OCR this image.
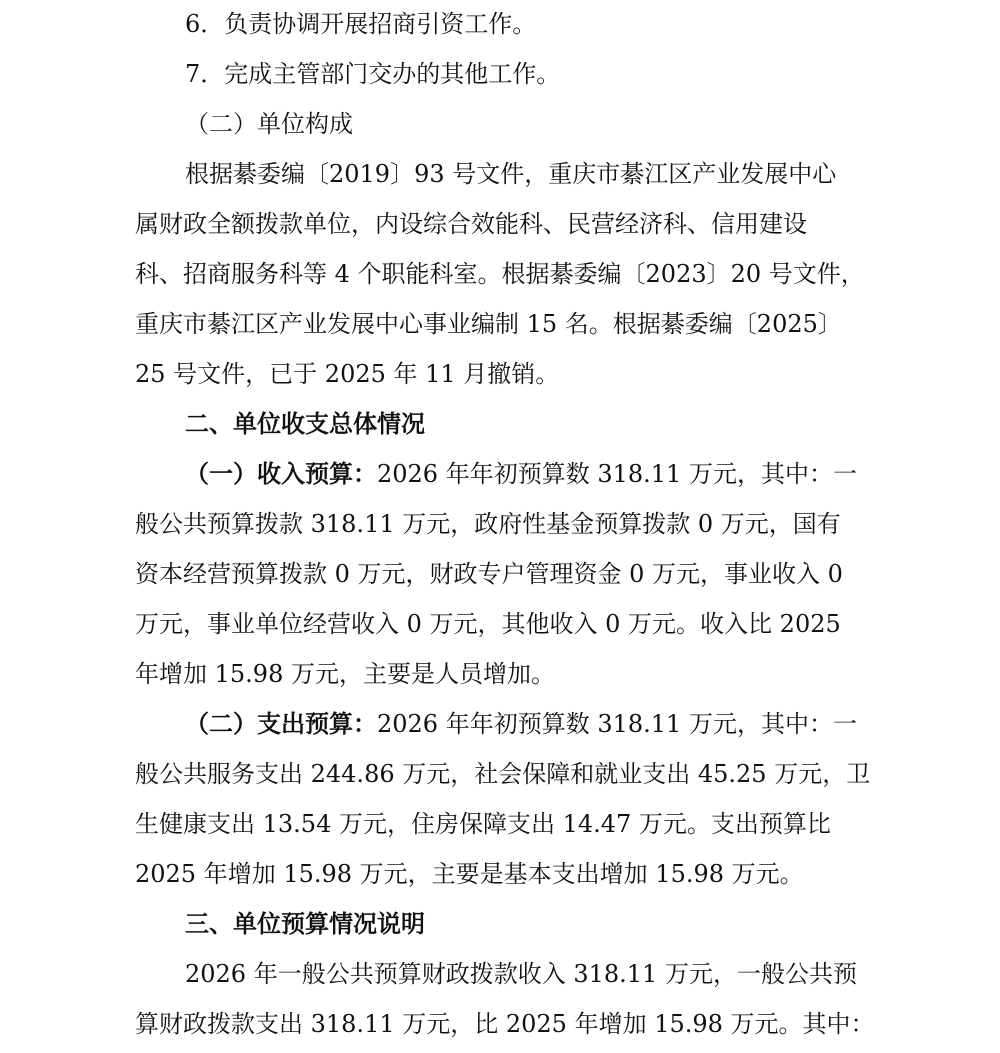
6．负责协调开展招商引资工作。
7．完成主管部门交办的其他工作。
（二）单位构成
根据綦委编〔2019〕93 号文件，重庆市綦江区产业发展中心
属财政全额拨款单位，内设综合效能科、民营经济科、信用建设
科、招商服务科等 4 个职能科室。根据綦委编〔2023〕20 号文件，
重庆市綦江区产业发展中心事业编制 15 名。根据綦委编〔2025〕
25 号文件，已于 2025 年 11 月撤销。
二、单位收支总体情况
（一）收入预算：2026 年年初预算数 318.11 万元，其中：一
般公共预算拨款 318.11 万元，政府性基金预算拨款 0 万元，国有
资本经营预算拨款 0 万元，财政专户管理资金 0 万元，事业收入 0
万元，事业单位经营收入 0 万元，其他收入 0 万元。收入比 2025
年增加 15.98 万元，主要是人员增加。
（二）支出预算：2026 年年初预算数 318.11 万元，其中：一
般公共服务支出 244.86 万元，社会保障和就业支出 45.25 万元，卫
生健康支出 13.54 万元，住房保障支出 14.47 万元。支出预算比
2025 年增加 15.98 万元，主要是基本支出增加 15.98 万元。
三、单位预算情况说明
2026 年一般公共预算财政拨款收入 318.11 万元，一般公共预
算财政拨款支出 318.11 万元，比 2025 年增加 15.98 万元。其中：
